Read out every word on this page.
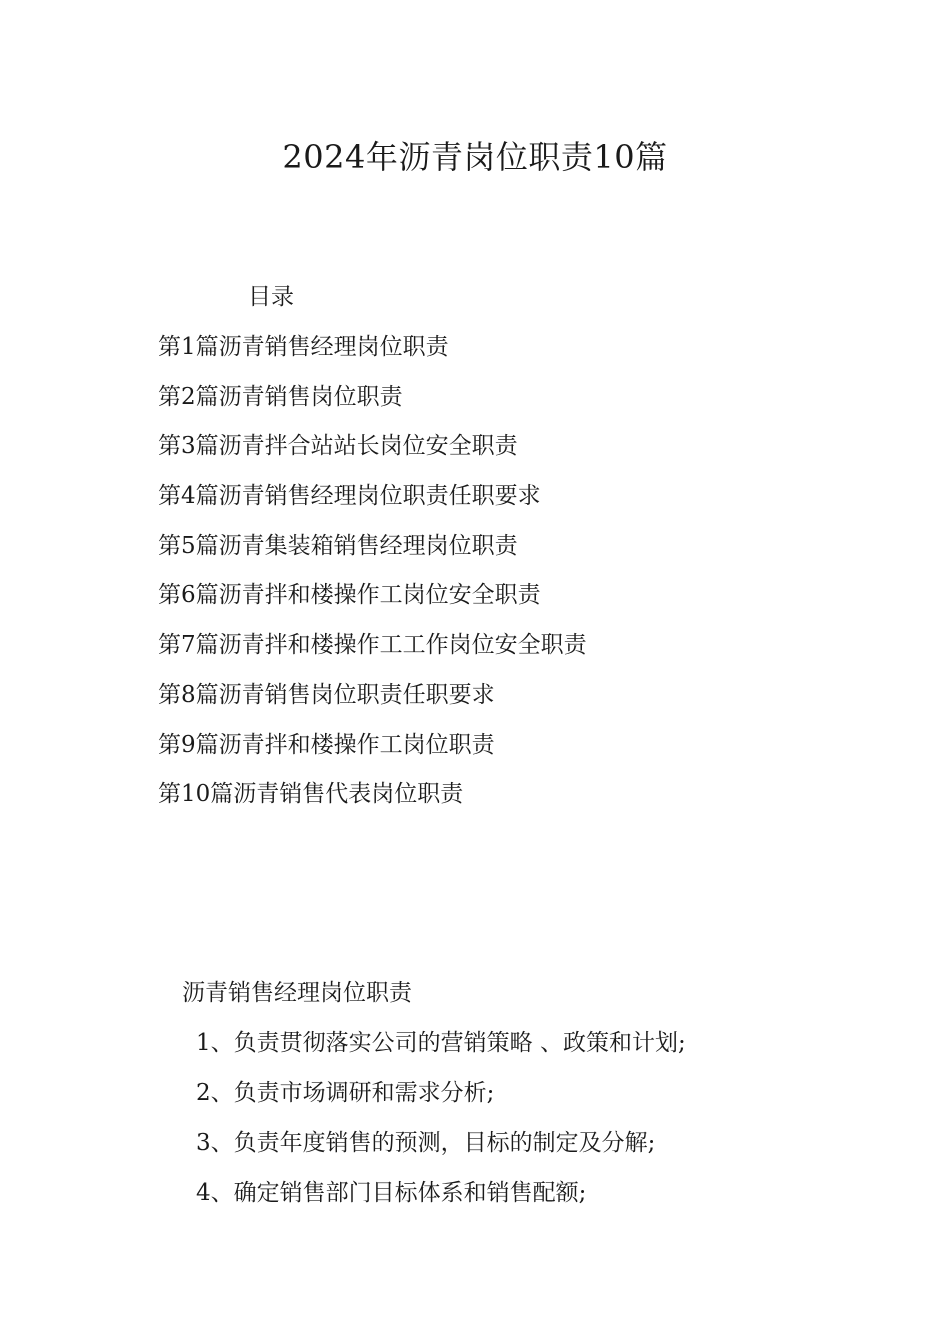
2024年沥青岗位职责10篇
目录
第1篇沥青销售经理岗位职责
第2篇沥青销售岗位职责
第3篇沥青拌合站站长岗位安全职责
第4篇沥青销售经理岗位职责任职要求
第5篇沥青集装箱销售经理岗位职责
第6篇沥青拌和楼操作工岗位安全职责
第7篇沥青拌和楼操作工工作岗位安全职责
第8篇沥青销售岗位职责任职要求
第9篇沥青拌和楼操作工岗位职责
第10篇沥青销售代表岗位职责
沥青销售经理岗位职责
1、负责贯彻落实公司的营销策略 、政策和计划;
2、负责市场调研和需求分析;
3、负责年度销售的预测，目标的制定及分解;
4、确定销售部门目标体系和销售配额;
